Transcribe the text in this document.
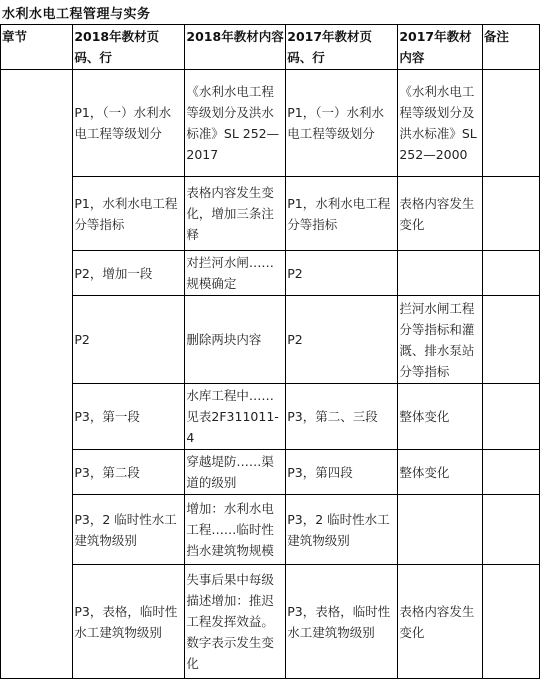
水利水电工程管理与实务
章节	2018年教材页码、行	2018年教材内容	2017年教材页码、行	2017年教材内容	备注
	P1，（一）水利水电工程等级划分	《水利水电工程等级划分及洪水标准》SL 252—2017	P1，（一）水利水电工程等级划分	《水利水电工程等级划分及洪水标准》SL 252—2000	
	P1，水利水电工程分等指标	表格内容发生变化，增加三条注释	P1，水利水电工程分等指标	表格内容发生变化	
	P2，增加一段	对拦河水闸……规模确定	P2		
	P2	删除两块内容	P2	拦河水闸工程分等指标和灌溉、排水泵站分等指标	
	P3，第一段	水库工程中……见表2F311011-4	P3，第二、三段	整体变化	
	P3，第二段	穿越堤防……渠道的级别	P3，第四段	整体变化	
	P3，2 临时性水工建筑物级别	增加：水利水电工程……临时性挡水建筑物规模	P3，2 临时性水工建筑物级别		
	P3，表格，临时性水工建筑物级别	失事后果中每级描述增加：推迟工程发挥效益。数字表示发生变化	P3，表格，临时性水工建筑物级别	表格内容发生变化	
